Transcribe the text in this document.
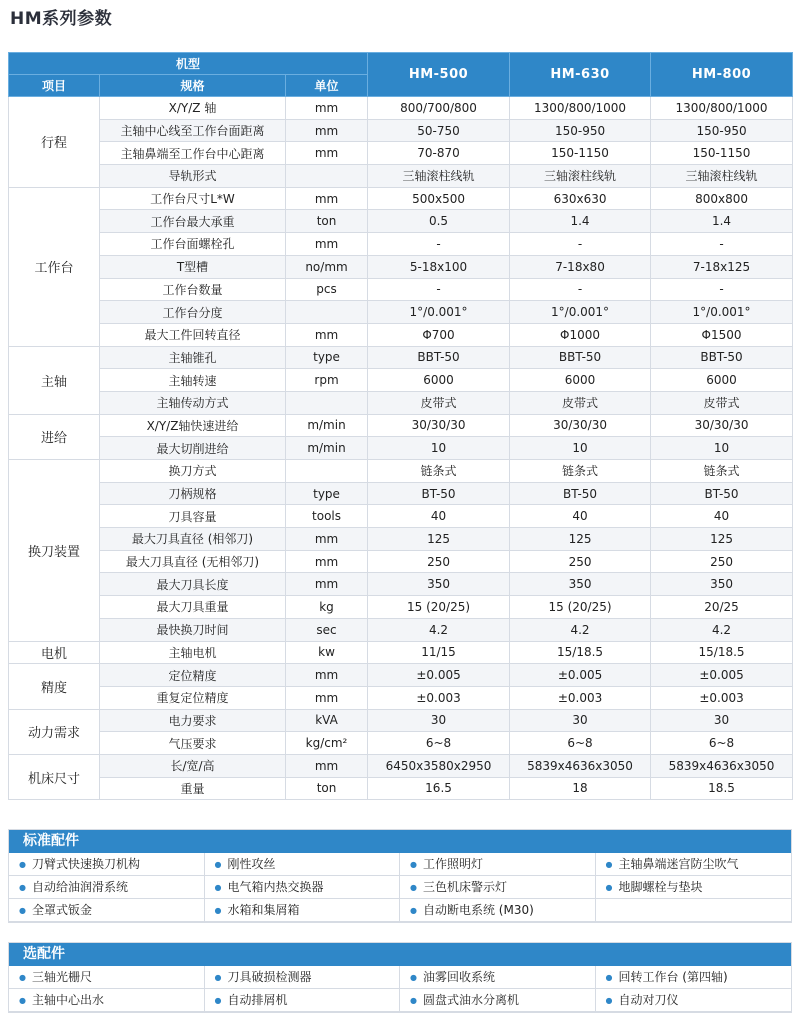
HM系列参数
机型			HM-500	HM-630	HM-800
项目	规格	单位			
行程	X/Y/Z 轴	mm	800/700/800	1300/800/1000	1300/800/1000
	主轴中心线至工作台面距离	mm	50-750	150-950	150-950
	主轴鼻端至工作台中心距离	mm	70-870	150-1150	150-1150
	导轨形式		三轴滚柱线轨	三轴滚柱线轨	三轴滚柱线轨
工作台	工作台尺寸L*W	mm	500x500	630x630	800x800
	工作台最大承重	ton	0.5	1.4	1.4
	工作台面螺栓孔	mm	-	-	-
	T型槽	no/mm	5-18x100	7-18x80	7-18x125
	工作台数量	pcs	-	-	-
	工作台分度		1°/0.001°	1°/0.001°	1°/0.001°
	最大工件回转直径	mm	Φ700	Φ1000	Φ1500
主轴	主轴锥孔	type	BBT-50	BBT-50	BBT-50
	主轴转速	rpm	6000	6000	6000
	主轴传动方式		皮带式	皮带式	皮带式
进给	X/Y/Z轴快速进给	m/min	30/30/30	30/30/30	30/30/30
	最大切削进给	m/min	10	10	10
换刀装置	换刀方式		链条式	链条式	链条式
	刀柄规格	type	BT-50	BT-50	BT-50
	刀具容量	tools	40	40	40
	最大刀具直径 (相邻刀)	mm	125	125	125
	最大刀具直径 (无相邻刀)	mm	250	250	250
	最大刀具长度	mm	350	350	350
	最大刀具重量	kg	15 (20/25)	15 (20/25)	20/25
	最快换刀时间	sec	4.2	4.2	4.2
电机	主轴电机	kw	11/15	15/18.5	15/18.5
精度	定位精度	mm	±0.005	±0.005	±0.005
	重复定位精度	mm	±0.003	±0.003	±0.003
动力需求	电力要求	kVA	30	30	30
	气压要求	kg/cm²	6~8	6~8	6~8
机床尺寸	长/宽/高	mm	6450x3580x2950	5839x4636x3050	5839x4636x3050
	重量	ton	16.5	18	18.5
标准配件
● 刀臂式快速换刀机构	● 刚性攻丝	● 工作照明灯	● 主轴鼻端迷宫防尘吹气
● 自动给油润滑系统	● 电气箱内热交换器	● 三色机床警示灯	● 地脚螺栓与垫块
● 全罩式钣金	● 水箱和集屑箱	● 自动断电系统 (M30)
选配件
● 三轴光栅尺	● 刀具破损检测器	● 油雾回收系统	● 回转工作台 (第四轴)
● 主轴中心出水	● 自动排屑机	● 圆盘式油水分离机	● 自动对刀仪
